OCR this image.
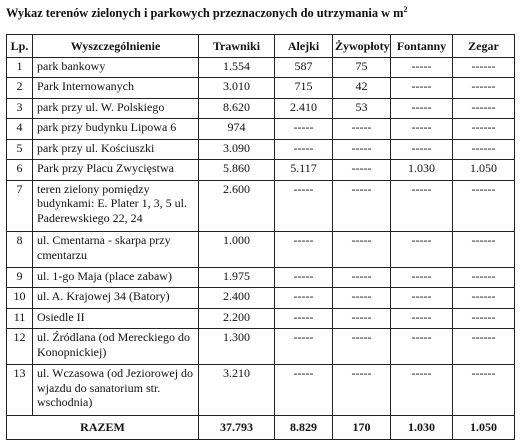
Wykaz terenów zielonych i parkowych przeznaczonych do utrzymania w $m^2$
Lp.	Wyszczególnienie	Trawniki	Alejki	Żywopłoty	Fontanny	Zegar
1	park bankowy	1.554	587	75	-----	------
2	Park Internowanych	3.010	715	42	-----	------
3	park przy ul. W. Polskiego	8.620	2.410	53	-----	------
4	park przy budynku Lipowa 6	974	-----	-----	-----	------
5	park przy ul. Kościuszki	3.090	-----	-----	-----	------
6	Park przy Placu Zwycięstwa	5.860	5.117	-----	1.030	1.050
7	teren zielony pomiędzy budynkami: E. Plater 1, 3, 5 ul. Paderewskiego 22, 24	2.600	-----	-----	-----	------
8	ul. Cmentarna - skarpa przy cmentarzu	1.000	-----	-----	-----	------
9	ul. 1-go Maja (place zabaw)	1.975	-----	-----	-----	------
10	ul. A. Krajowej 34 (Batory)	2.400	-----	-----	-----	------
11	Osiedle II	2.200	-----	-----	-----	------
12	ul. Źródlana (od Mereckiego do Konopnickiej)	1.300	-----	-----	-----	------
13	ul. Wczasowa (od Jeziorowej do wjazdu do sanatorium str. wschodnia)	3.210	-----	-----	-----	------
RAZEM		37.793	8.829	170	1.030	1.050
